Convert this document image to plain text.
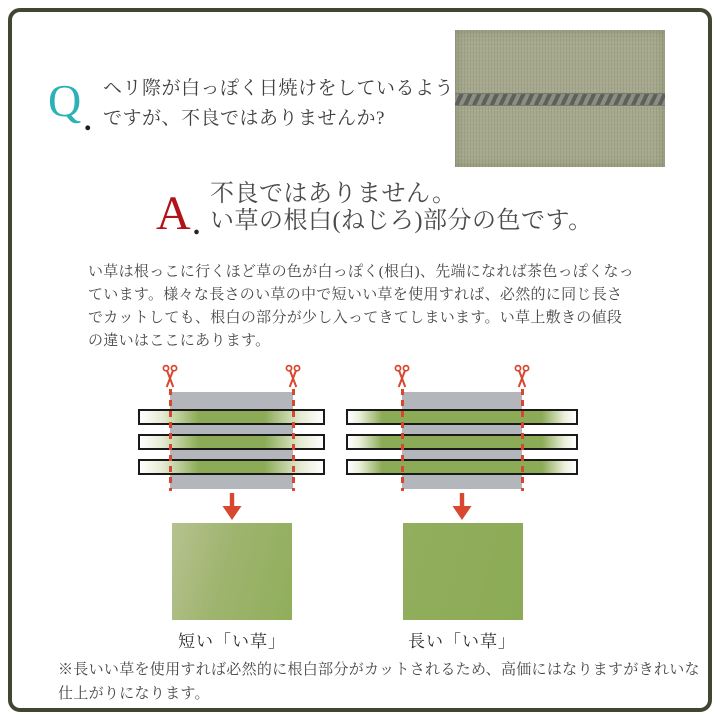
Q .
ヘリ際が白っぽく日焼けをしているよう
ですが、不良ではありませんか?
A .
不良ではありません。
い草の根白(ねじろ)部分の色です。
い草は根っこに行くほど草の色が白っぽく(根白)、先端になれば茶色っぽくなっ
ています。様々な長さのい草の中で短いい草を使用すれば、必然的に同じ長さ
でカットしても、根白の部分が少し入ってきてしまいます。い草上敷きの値段
の違いはここにあります。
短い「い草」	長い「い草」
※長いい草を使用すれば必然的に根白部分がカットされるため、高価にはなりますがきれいな
仕上がりになります。
